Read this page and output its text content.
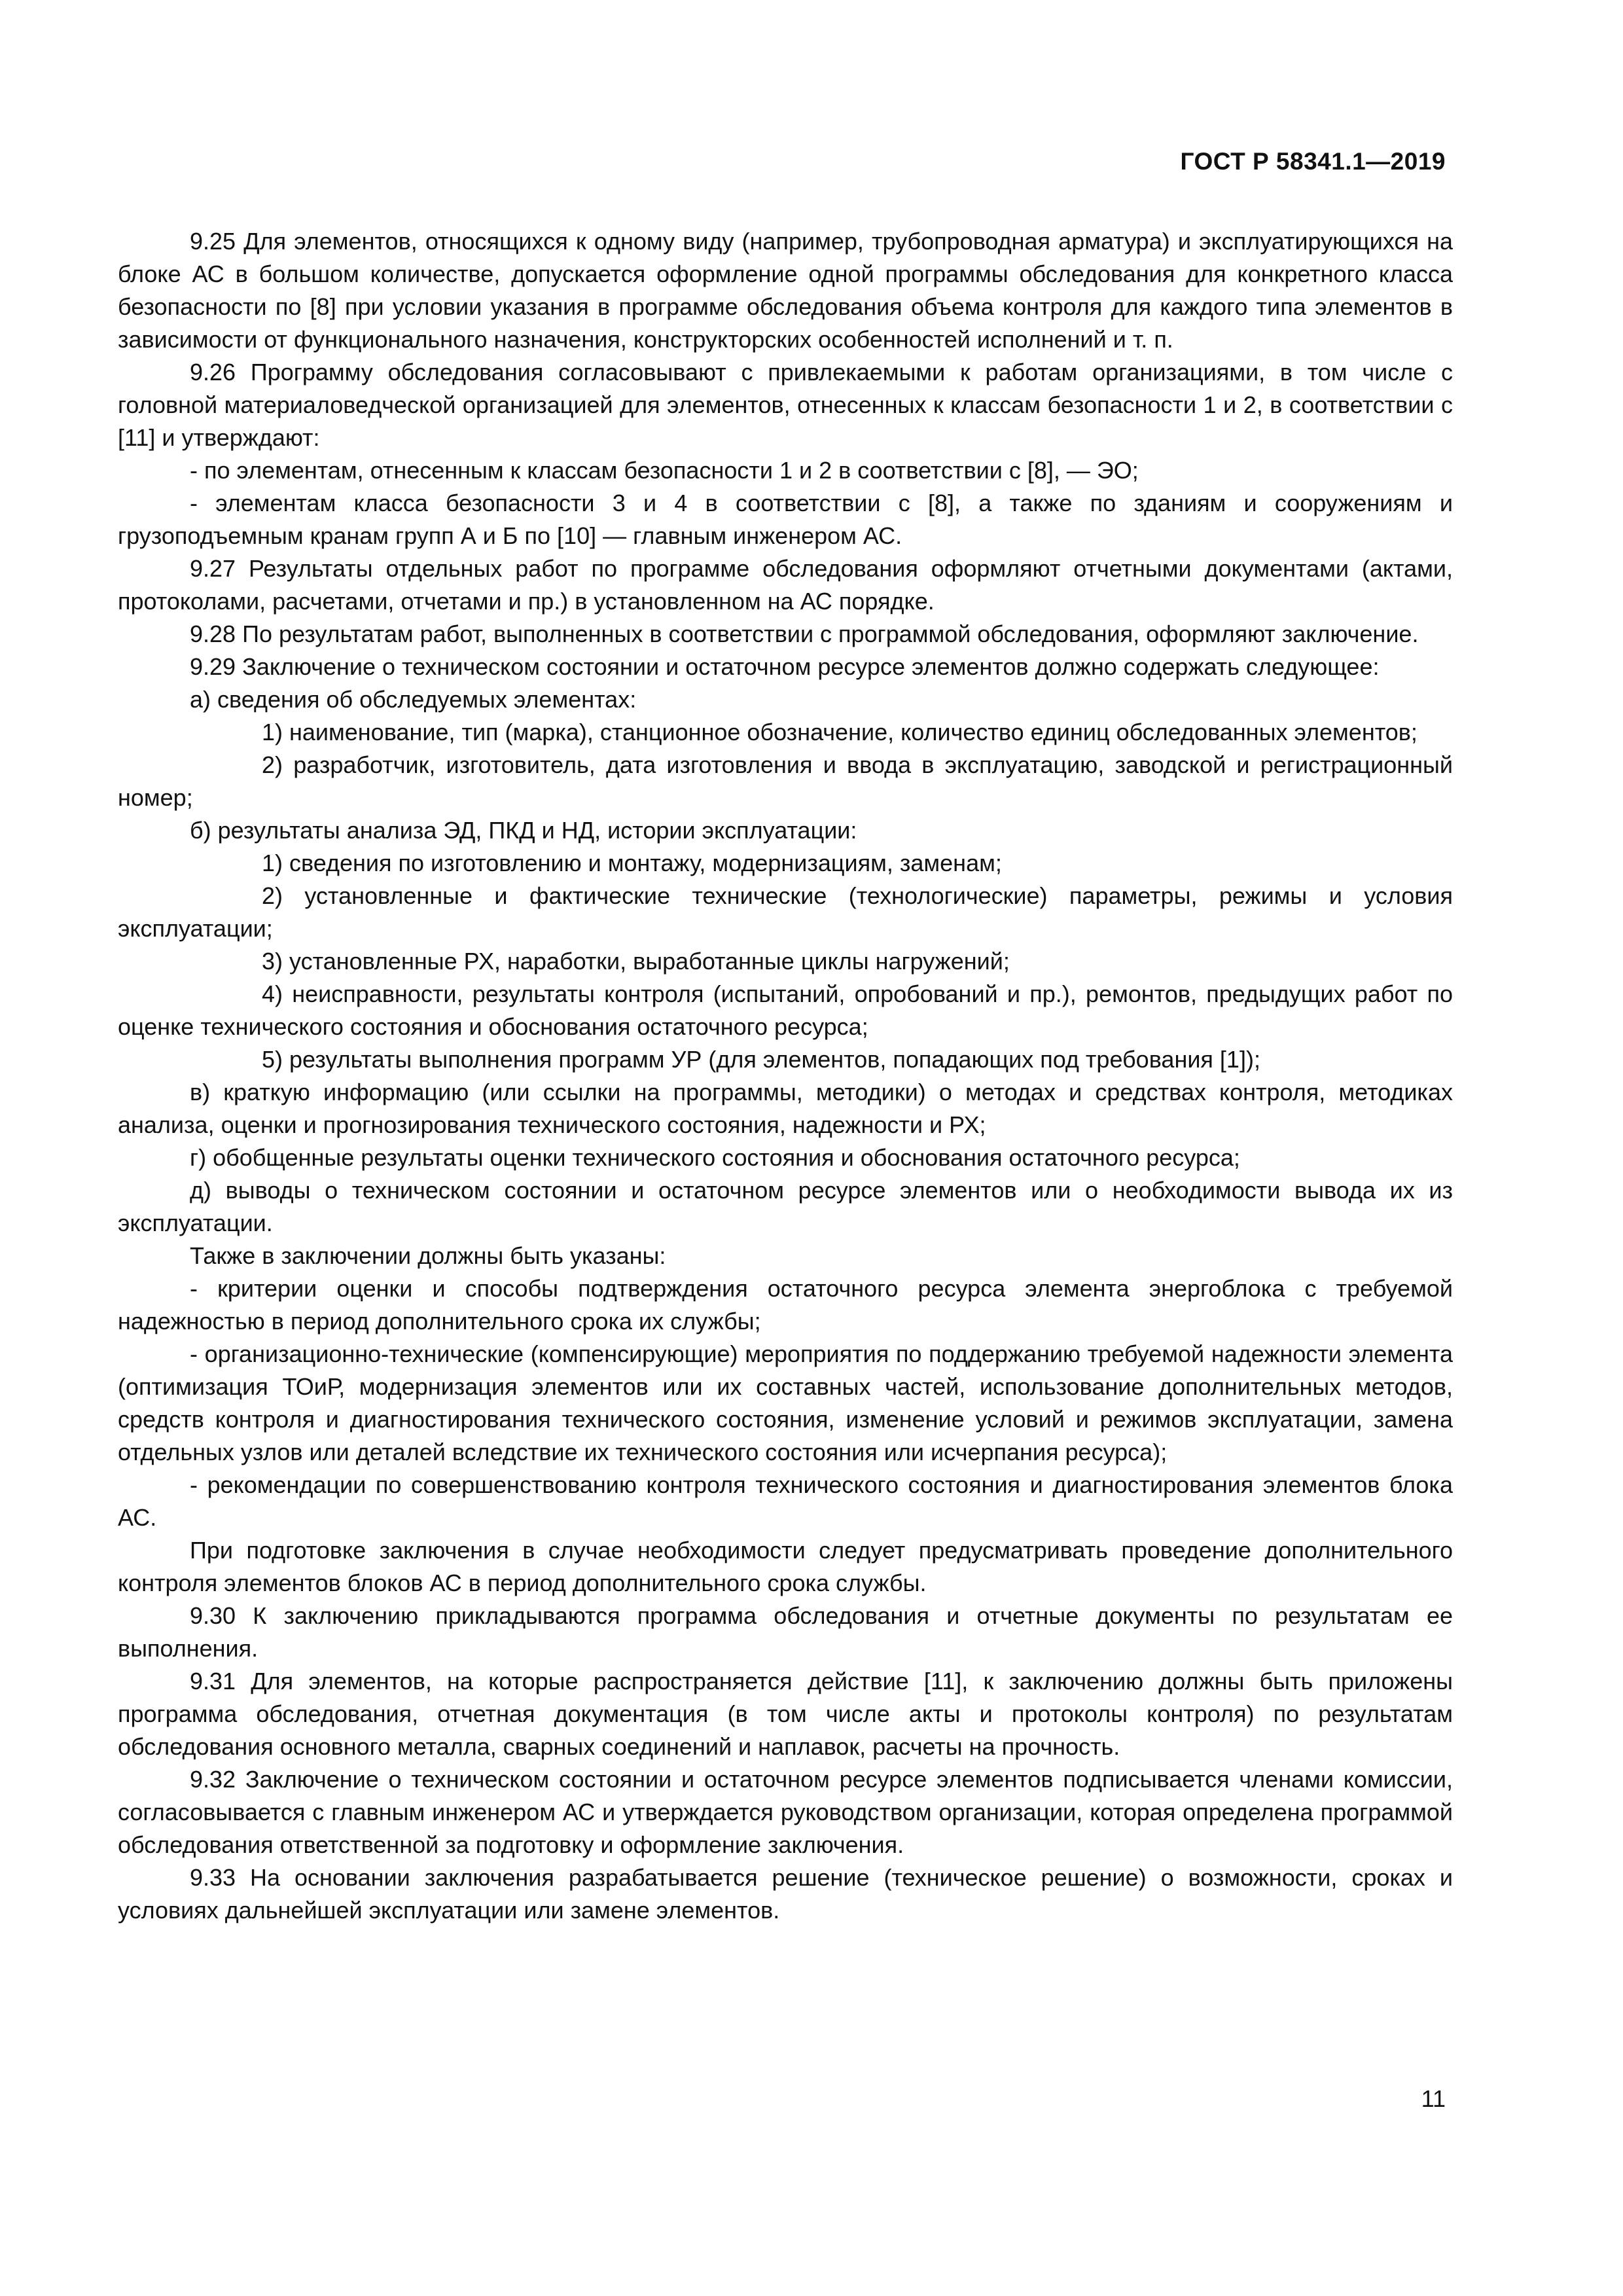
ГОСТ Р 58341.1—2019

9.25 Для элементов, относящихся к одному виду (например, трубопроводная арматура) и эксплуатирующихся на блоке АС в большом количестве, допускается оформление одной программы обследования для конкретного класса безопасности по [8] при условии указания в программе обследования объема контроля для каждого типа элементов в зависимости от функционального назначения, конструкторских особенностей исполнений и т. п.

9.26 Программу обследования согласовывают с привлекаемыми к работам организациями, в том числе с головной материаловедческой организацией для элементов, отнесенных к классам безопасности 1 и 2, в соответствии с [11] и утверждают:

- по элементам, отнесенным к классам безопасности 1 и 2 в соответствии с [8], — ЭО;

- элементам класса безопасности 3 и 4 в соответствии с [8], а также по зданиям и сооружениям и грузоподъемным кранам групп А и Б по [10] — главным инженером АС.

9.27 Результаты отдельных работ по программе обследования оформляют отчетными документами (актами, протоколами, расчетами, отчетами и пр.) в установленном на АС порядке.

9.28 По результатам работ, выполненных в соответствии с программой обследования, оформляют заключение.

9.29 Заключение о техническом состоянии и остаточном ресурсе элементов должно содержать следующее:

а) сведения об обследуемых элементах:

1) наименование, тип (марка), станционное обозначение, количество единиц обследованных элементов;

2) разработчик, изготовитель, дата изготовления и ввода в эксплуатацию, заводской и регистрационный номер;

б) результаты анализа ЭД, ПКД и НД, истории эксплуатации:

1) сведения по изготовлению и монтажу, модернизациям, заменам;

2) установленные и фактические технические (технологические) параметры, режимы и условия эксплуатации;

3) установленные РХ, наработки, выработанные циклы нагружений;

4) неисправности, результаты контроля (испытаний, опробований и пр.), ремонтов, предыдущих работ по оценке технического состояния и обоснования остаточного ресурса;

5) результаты выполнения программ УР (для элементов, попадающих под требования [1]);

в) краткую информацию (или ссылки на программы, методики) о методах и средствах контроля, методиках анализа, оценки и прогнозирования технического состояния, надежности и РХ;

г) обобщенные результаты оценки технического состояния и обоснования остаточного ресурса;

д) выводы о техническом состоянии и остаточном ресурсе элементов или о необходимости вывода их из эксплуатации.

Также в заключении должны быть указаны:

- критерии оценки и способы подтверждения остаточного ресурса элемента энергоблока с требуемой надежностью в период дополнительного срока их службы;

- организационно-технические (компенсирующие) мероприятия по поддержанию требуемой надежности элемента (оптимизация ТОиР, модернизация элементов или их составных частей, использование дополнительных методов, средств контроля и диагностирования технического состояния, изменение условий и режимов эксплуатации, замена отдельных узлов или деталей вследствие их технического состояния или исчерпания ресурса);

- рекомендации по совершенствованию контроля технического состояния и диагностирования элементов блока АС.

При подготовке заключения в случае необходимости следует предусматривать проведение дополнительного контроля элементов блоков АС в период дополнительного срока службы.

9.30 К заключению прикладываются программа обследования и отчетные документы по результатам ее выполнения.

9.31 Для элементов, на которые распространяется действие [11], к заключению должны быть приложены программа обследования, отчетная документация (в том числе акты и протоколы контроля) по результатам обследования основного металла, сварных соединений и наплавок, расчеты на прочность.

9.32 Заключение о техническом состоянии и остаточном ресурсе элементов подписывается членами комиссии, согласовывается с главным инженером АС и утверждается руководством организации, которая определена программой обследования ответственной за подготовку и оформление заключения.

9.33 На основании заключения разрабатывается решение (техническое решение) о возможности, сроках и условиях дальнейшей эксплуатации или замене элементов.

11
